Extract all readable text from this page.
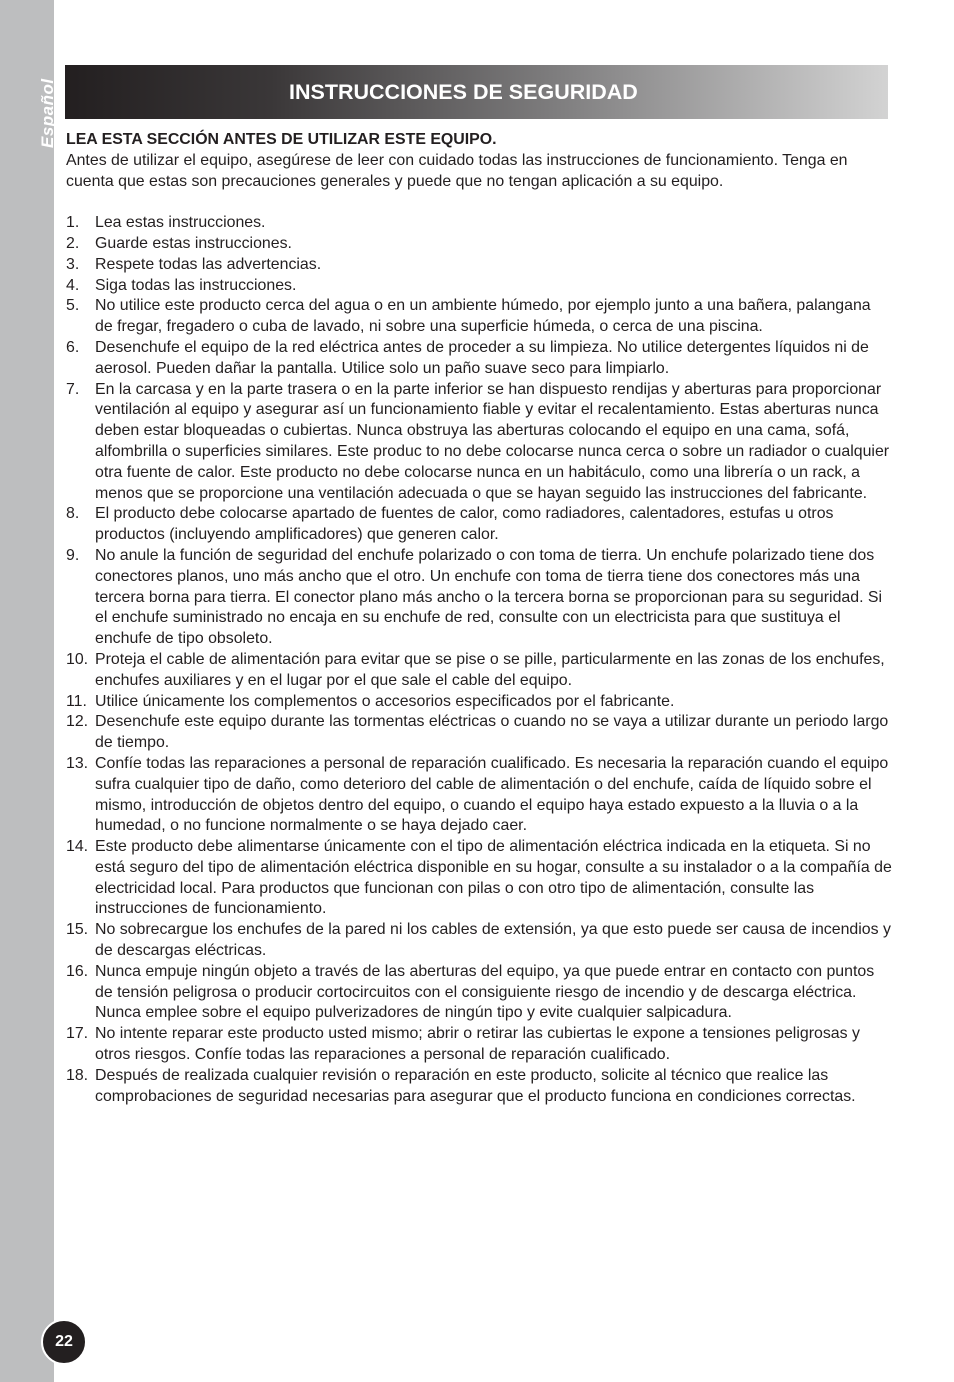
Español	INSTRUCCIONES DE SEGURIDAD
LEA ESTA SECCIÓN ANTES DE UTILIZAR ESTE EQUIPO.
Antes de utilizar el equipo, asegúrese de leer con cuidado todas las instrucciones de funcionamiento. Tenga en cuenta que estas son precauciones generales y puede que no tengan aplicación a su equipo.
1. Lea estas instrucciones.
2. Guarde estas instrucciones.
3. Respete todas las advertencias.
4. Siga todas las instrucciones.
5. No utilice este producto cerca del agua o en un ambiente húmedo, por ejemplo junto a una bañera, palangana de fregar, fregadero o cuba de lavado, ni sobre una superficie húmeda, o cerca de una piscina.
6. Desenchufe el equipo de la red eléctrica antes de proceder a su limpieza. No utilice detergentes líquidos ni de aerosol. Pueden dañar la pantalla. Utilice solo un paño suave seco para limpiarlo.
7. En la carcasa y en la parte trasera o en la parte inferior se han dispuesto rendijas y aberturas para proporcionar ventilación al equipo y asegurar así un funcionamiento fiable y evitar el recalentamiento. Estas aberturas nunca deben estar bloqueadas o cubiertas. Nunca obstruya las aberturas colocando el equipo en una cama, sofá, alfombrilla o superficies similares. Este produc to no debe colocarse nunca cerca o sobre un radiador o cualquier otra fuente de calor. Este producto no debe colocarse nunca en un habitáculo, como una librería o un rack, a menos que se proporcione una ventilación adecuada o que se hayan seguido las instrucciones del fabricante.
8. El producto debe colocarse apartado de fuentes de calor, como radiadores, calentadores, estufas u otros productos (incluyendo amplificadores) que generen calor.
9. No anule la función de seguridad del enchufe polarizado o con toma de tierra. Un enchufe polarizado tiene dos conectores planos, uno más ancho que el otro. Un enchufe con toma de tierra tiene dos conectores más una tercera borna para tierra. El conector plano más ancho o la tercera borna se proporcionan para su seguridad. Si el enchufe suministrado no encaja en su enchufe de red, consulte con un electricista para que sustituya el enchufe de tipo obsoleto.
10. Proteja el cable de alimentación para evitar que se pise o se pille, particularmente en las zonas de los enchufes, enchufes auxiliares y en el lugar por el que sale el cable del equipo.
11. Utilice únicamente los complementos o accesorios especificados por el fabricante.
12. Desenchufe este equipo durante las tormentas eléctricas o cuando no se vaya a utilizar durante un periodo largo de tiempo.
13. Confíe todas las reparaciones a personal de reparación cualificado. Es necesaria la reparación cuando el equipo sufra cualquier tipo de daño, como deterioro del cable de alimentación o del enchufe, caída de líquido sobre el mismo, introducción de objetos dentro del equipo, o cuando el equipo haya estado expuesto a la lluvia o a la humedad, o no funcione normalmente o se haya dejado caer.
14. Este producto debe alimentarse únicamente con el tipo de alimentación eléctrica indicada en la etiqueta. Si no está seguro del tipo de alimentación eléctrica disponible en su hogar, consulte a su instalador o a la compañía de electricidad local. Para productos que funcionan con pilas o con otro tipo de alimentación, consulte las instrucciones de funcionamiento.
15. No sobrecargue los enchufes de la pared ni los cables de extensión, ya que esto puede ser causa de incendios y de descargas eléctricas.
16. Nunca empuje ningún objeto a través de las aberturas del equipo, ya que puede entrar en contacto con puntos de tensión peligrosa o producir cortocircuitos con el consiguiente riesgo de incendio y de descarga eléctrica. Nunca emplee sobre el equipo pulverizadores de ningún tipo y evite cualquier salpicadura.
17. No intente reparar este producto usted mismo; abrir o retirar las cubiertas le expone a tensiones peligrosas y otros riesgos. Confíe todas las reparaciones a personal de reparación cualificado.
18. Después de realizada cualquier revisión o reparación en este producto, solicite al técnico que realice las comprobaciones de seguridad necesarias para asegurar que el producto funciona en condiciones correctas.
22
